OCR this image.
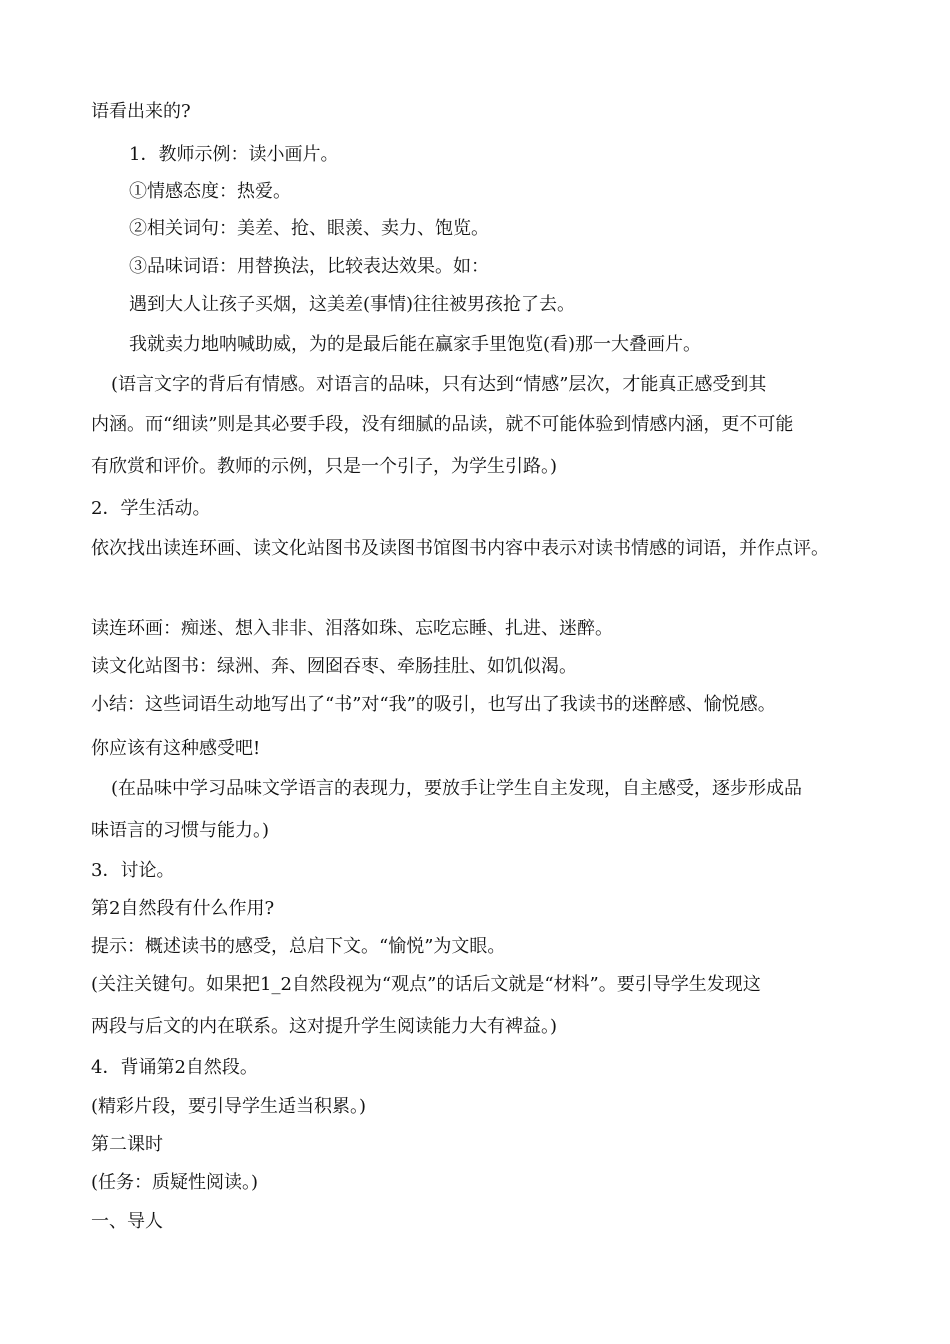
语看出来的?
1．教师示例：读小画片。
①情感态度：热爱。
②相关词句：美差、抢、眼羡、卖力、饱览。
③品味词语：用替换法，比较表达效果。如：
遇到大人让孩子买烟，这美差(事情)往往被男孩抢了去。
我就卖力地呐喊助威，为的是最后能在赢家手里饱览(看)那一大叠画片。
(语言文字的背后有情感。对语言的品味，只有达到“情感”层次，才能真正感受到其
内涵。而“细读”则是其必要手段，没有细腻的品读，就不可能体验到情感内涵，更不可能
有欣赏和评价。教师的示例，只是一个引子，为学生引路。)
2．学生活动。
依次找出读连环画、读文化站图书及读图书馆图书内容中表示对读书情感的词语，并作点评。
读连环画：痴迷、想入非非、泪落如珠、忘吃忘睡、扎进、迷醉。
读文化站图书：绿洲、奔、囫囵吞枣、牵肠挂肚、如饥似渴。
小结：这些词语生动地写出了“书”对“我”的吸引，也写出了我读书的迷醉感、愉悦感。
你应该有这种感受吧!
(在品味中学习品味文学语言的表现力，要放手让学生自主发现，自主感受，逐步形成品
味语言的习惯与能力。)
3．讨论。
第2自然段有什么作用?
提示：概述读书的感受，总启下文。“愉悦”为文眼。
(关注关键句。如果把1_2自然段视为“观点”的话后文就是“材料”。要引导学生发现这
两段与后文的内在联系。这对提升学生阅读能力大有裨益。)
4．背诵第2自然段。
(精彩片段，要引导学生适当积累。)
第二课时
(任务：质疑性阅读。)
一、导人
